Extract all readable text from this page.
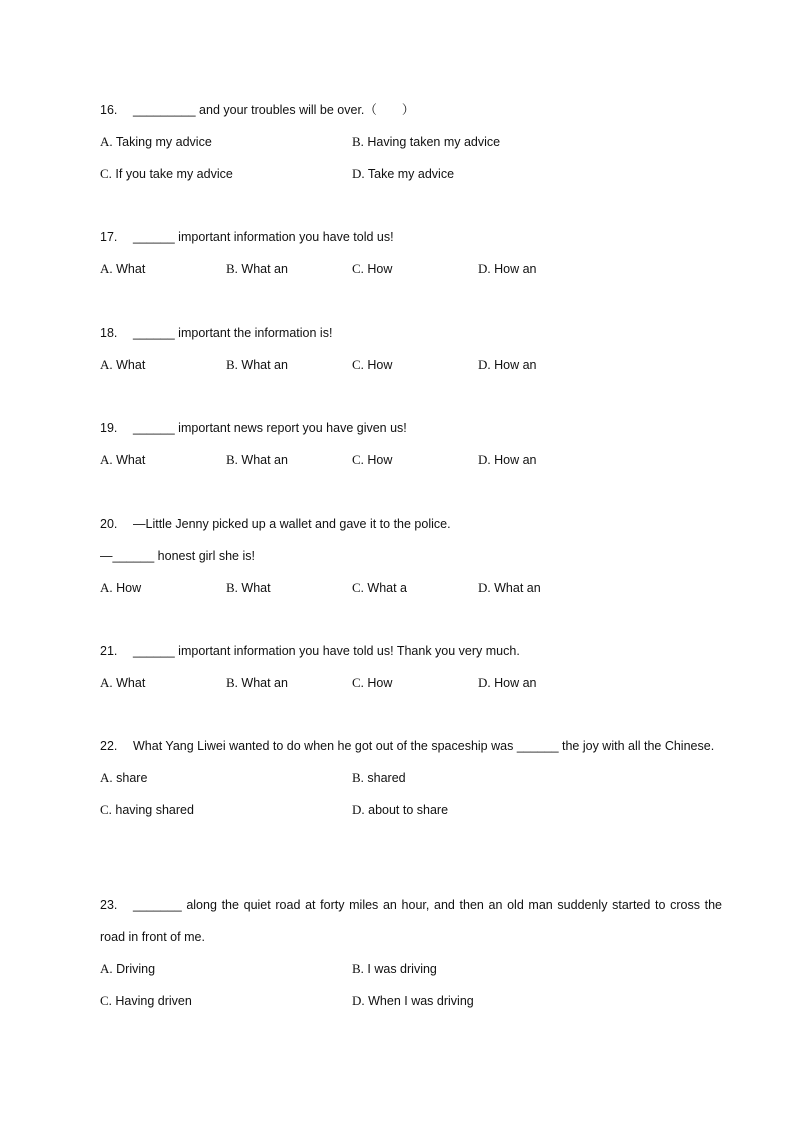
16. _________ and your troubles will be over.（　　）
A. Taking my advice	B. Having taken my advice
C. If you take my advice	D. Take my advice
17. ______ important information you have told us!
A. What	B. What an	C. How	D. How an
18. ______ important the information is!
A. What	B. What an	C. How	D. How an
19. ______ important news report you have given us!
A. What	B. What an	C. How	D. How an
20. —Little Jenny picked up a wallet and gave it to the police.
—______ honest girl she is!
A. How	B. What	C. What a	D. What an
21. ______ important information you have told us! Thank you very much.
A. What	B. What an	C. How	D. How an
22. What Yang Liwei wanted to do when he got out of the spaceship was ______ the joy with all the Chinese.
A. share	B. shared
C. having shared	D. about to share
23. _______ along the quiet road at forty miles an hour, and then an old man suddenly started to cross the road in front of me.
A. Driving	B. I was driving
C. Having driven	D. When I was driving
